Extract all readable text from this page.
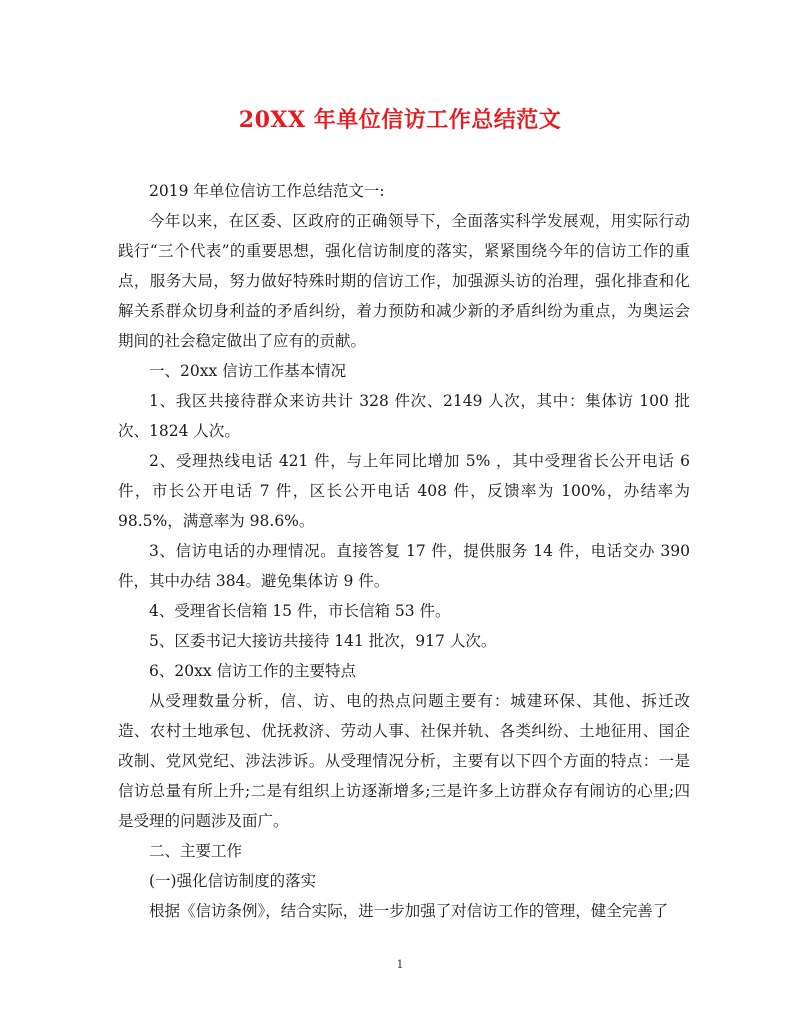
20XX 年单位信访工作总结范文

2019 年单位信访工作总结范文一:

今年以来，在区委、区政府的正确领导下，全面落实科学发展观，用实际行动践行“三个代表”的重要思想，强化信访制度的落实，紧紧围绕今年的信访工作的重点，服务大局，努力做好特殊时期的信访工作，加强源头访的治理，强化排查和化解关系群众切身利益的矛盾纠纷，着力预防和减少新的矛盾纠纷为重点，为奥运会期间的社会稳定做出了应有的贡献。

一、20xx 信访工作基本情况

1、我区共接待群众来访共计 328 件次、2149 人次，其中：集体访 100 批次、1824 人次。

2、受理热线电话 421 件，与上年同比增加 5% ，其中受理省长公开电话 6 件，市长公开电话 7 件，区长公开电话 408 件，反馈率为 100%，办结率为 98.5%，满意率为 98.6%。

3、信访电话的办理情况。直接答复 17 件，提供服务 14 件，电话交办 390 件，其中办结 384。避免集体访 9 件。

4、受理省长信箱 15 件，市长信箱 53 件。

5、区委书记大接访共接待 141 批次，917 人次。

6、20xx 信访工作的主要特点

从受理数量分析，信、访、电的热点问题主要有：城建环保、其他、拆迁改造、农村土地承包、优抚救济、劳动人事、社保并轨、各类纠纷、土地征用、国企改制、党风党纪、涉法涉诉。从受理情况分析，主要有以下四个方面的特点：一是信访总量有所上升;二是有组织上访逐渐增多;三是许多上访群众存有闹访的心里;四是受理的问题涉及面广。

二、主要工作

(一)强化信访制度的落实

根据《信访条例》，结合实际，进一步加强了对信访工作的管理，健全完善了

1
